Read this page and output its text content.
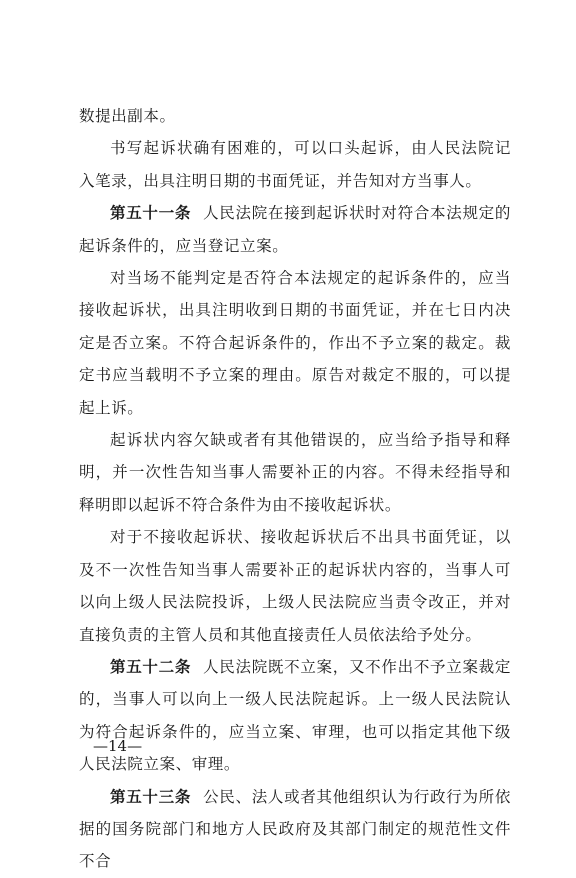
数提出副本。

书写起诉状确有困难的，可以口头起诉，由人民法院记入笔录，出具注明日期的书面凭证，并告知对方当事人。

第五十一条 人民法院在接到起诉状时对符合本法规定的起诉条件的，应当登记立案。

对当场不能判定是否符合本法规定的起诉条件的，应当接收起诉状，出具注明收到日期的书面凭证，并在七日内决定是否立案。不符合起诉条件的，作出不予立案的裁定。裁定书应当载明不予立案的理由。原告对裁定不服的，可以提起上诉。

起诉状内容欠缺或者有其他错误的，应当给予指导和释明，并一次性告知当事人需要补正的内容。不得未经指导和释明即以起诉不符合条件为由不接收起诉状。

对于不接收起诉状、接收起诉状后不出具书面凭证，以及不一次性告知当事人需要补正的起诉状内容的，当事人可以向上级人民法院投诉，上级人民法院应当责令改正，并对直接负责的主管人员和其他直接责任人员依法给予处分。

第五十二条 人民法院既不立案，又不作出不予立案裁定的，当事人可以向上一级人民法院起诉。上一级人民法院认为符合起诉条件的，应当立案、审理，也可以指定其他下级人民法院立案、审理。

第五十三条 公民、法人或者其他组织认为行政行为所依据的国务院部门和地方人民政府及其部门制定的规范性文件不合

—14—
